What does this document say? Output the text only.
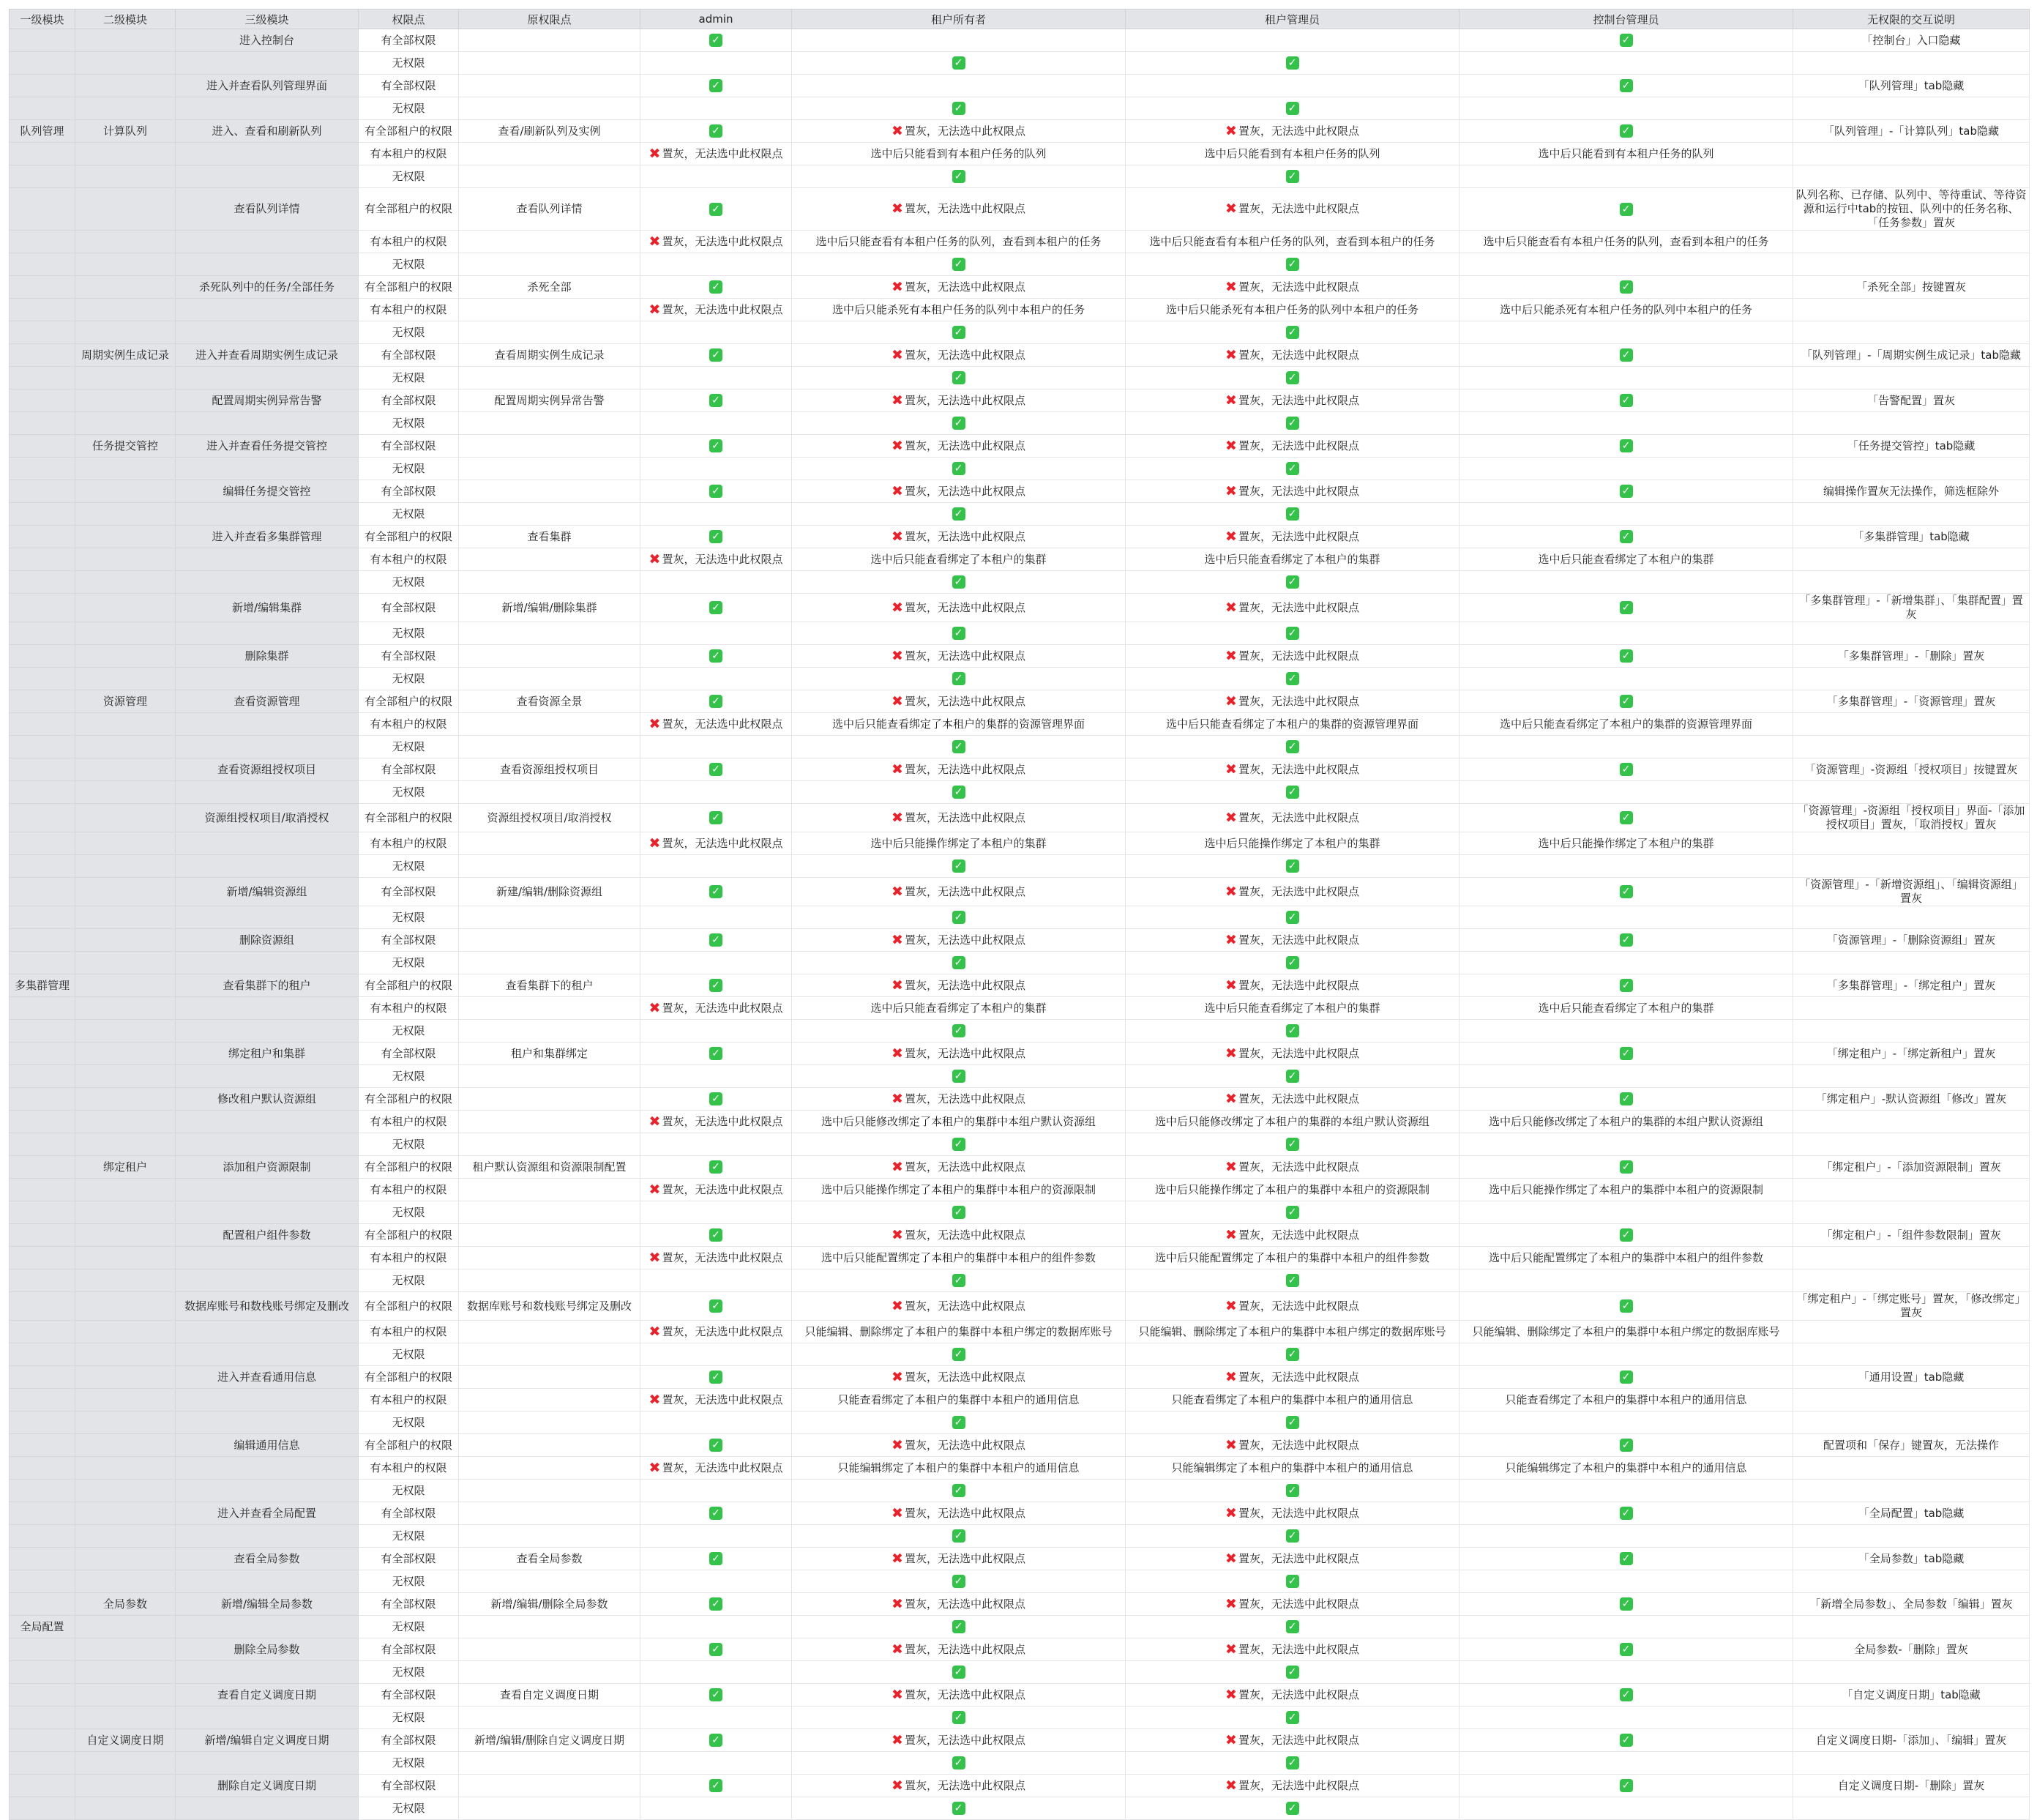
一级模块	二级模块	三级模块	权限点	原权限点	admin	租户所有者	租户管理员	控制台管理员	无权限的交互说明
		进入控制台	有全部权限		✓			✓	「控制台」入口隐藏
			无权限			✓	✓		
		进入并查看队列管理界面	有全部权限		✓			✓	「队列管理」tab隐藏
			无权限			✓	✓		
队列管理	计算队列	进入、查看和刷新队列	有全部租户的权限	查看/刷新队列及实例	✓	✖ 置灰，无法选中此权限点	✖ 置灰，无法选中此权限点	✓	「队列管理」-「计算队列」tab隐藏
			有本租户的权限		✖ 置灰，无法选中此权限点	选中后只能看到有本租户任务的队列	选中后只能看到有本租户任务的队列	选中后只能看到有本租户任务的队列	
			无权限			✓	✓		
		查看队列详情	有全部租户的权限	查看队列详情	✓	✖ 置灰，无法选中此权限点	✖ 置灰，无法选中此权限点	✓	队列名称、已存储、队列中、等待重试、等待资源和运行中tab的按钮、队列中的任务名称、「任务参数」置灰
			有本租户的权限		✖ 置灰，无法选中此权限点	选中后只能查看有本租户任务的队列，查看到本租户的任务	选中后只能查看有本租户任务的队列，查看到本租户的任务	选中后只能查看有本租户任务的队列，查看到本租户的任务	
			无权限			✓	✓		
		杀死队列中的任务/全部任务	有全部租户的权限	杀死全部	✓	✖ 置灰，无法选中此权限点	✖ 置灰，无法选中此权限点	✓	「杀死全部」按键置灰
			有本租户的权限		✖ 置灰，无法选中此权限点	选中后只能杀死有本租户任务的队列中本租户的任务	选中后只能杀死有本租户任务的队列中本租户的任务	选中后只能杀死有本租户任务的队列中本租户的任务	
			无权限			✓	✓		
	周期实例生成记录	进入并查看周期实例生成记录	有全部权限	查看周期实例生成记录	✓	✖ 置灰，无法选中此权限点	✖ 置灰，无法选中此权限点	✓	「队列管理」-「周期实例生成记录」tab隐藏
			无权限			✓	✓		
		配置周期实例异常告警	有全部权限	配置周期实例异常告警	✓	✖ 置灰，无法选中此权限点	✖ 置灰，无法选中此权限点	✓	「告警配置」置灰
			无权限			✓	✓		
	任务提交管控	进入并查看任务提交管控	有全部权限		✓	✖ 置灰，无法选中此权限点	✖ 置灰，无法选中此权限点	✓	「任务提交管控」tab隐藏
			无权限			✓	✓		
		编辑任务提交管控	有全部权限		✓	✖ 置灰，无法选中此权限点	✖ 置灰，无法选中此权限点	✓	编辑操作置灰无法操作，筛选框除外
			无权限			✓	✓		
		进入并查看多集群管理	有全部租户的权限	查看集群	✓	✖ 置灰，无法选中此权限点	✖ 置灰，无法选中此权限点	✓	「多集群管理」tab隐藏
			有本租户的权限		✖ 置灰，无法选中此权限点	选中后只能查看绑定了本租户的集群	选中后只能查看绑定了本租户的集群	选中后只能查看绑定了本租户的集群	
			无权限			✓	✓		
		新增/编辑集群	有全部权限	新增/编辑/删除集群	✓	✖ 置灰，无法选中此权限点	✖ 置灰，无法选中此权限点	✓	「多集群管理」-「新增集群」、「集群配置」置灰
			无权限			✓	✓		
		删除集群	有全部权限		✓	✖ 置灰，无法选中此权限点	✖ 置灰，无法选中此权限点	✓	「多集群管理」-「删除」置灰
			无权限			✓	✓		
	资源管理	查看资源管理	有全部租户的权限	查看资源全景	✓	✖ 置灰，无法选中此权限点	✖ 置灰，无法选中此权限点	✓	「多集群管理」-「资源管理」置灰
			有本租户的权限		✖ 置灰，无法选中此权限点	选中后只能查看绑定了本租户的集群的资源管理界面	选中后只能查看绑定了本租户的集群的资源管理界面	选中后只能查看绑定了本租户的集群的资源管理界面	
			无权限			✓	✓		
		查看资源组授权项目	有全部权限	查看资源组授权项目	✓	✖ 置灰，无法选中此权限点	✖ 置灰，无法选中此权限点	✓	「资源管理」-资源组「授权项目」按键置灰
			无权限			✓	✓		
		资源组授权项目/取消授权	有全部租户的权限	资源组授权项目/取消授权	✓	✖ 置灰，无法选中此权限点	✖ 置灰，无法选中此权限点	✓	「资源管理」-资源组「授权项目」界面-「添加授权项目」置灰，「取消授权」置灰
			有本租户的权限		✖ 置灰，无法选中此权限点	选中后只能操作绑定了本租户的集群	选中后只能操作绑定了本租户的集群	选中后只能操作绑定了本租户的集群	
			无权限			✓	✓		
		新增/编辑资源组	有全部权限	新建/编辑/删除资源组	✓	✖ 置灰，无法选中此权限点	✖ 置灰，无法选中此权限点	✓	「资源管理」-「新增资源组」、「编辑资源组」置灰
			无权限			✓	✓		
		删除资源组	有全部权限		✓	✖ 置灰，无法选中此权限点	✖ 置灰，无法选中此权限点	✓	「资源管理」-「删除资源组」置灰
			无权限			✓	✓		
多集群管理		查看集群下的租户	有全部租户的权限	查看集群下的租户	✓	✖ 置灰，无法选中此权限点	✖ 置灰，无法选中此权限点	✓	「多集群管理」-「绑定租户」置灰
			有本租户的权限		✖ 置灰，无法选中此权限点	选中后只能查看绑定了本租户的集群	选中后只能查看绑定了本租户的集群	选中后只能查看绑定了本租户的集群	
			无权限			✓	✓		
		绑定租户和集群	有全部权限	租户和集群绑定	✓	✖ 置灰，无法选中此权限点	✖ 置灰，无法选中此权限点	✓	「绑定租户」-「绑定新租户」置灰
			无权限			✓	✓		
		修改租户默认资源组	有全部租户的权限		✓	✖ 置灰，无法选中此权限点	✖ 置灰，无法选中此权限点	✓	「绑定租户」-默认资源组「修改」置灰
			有本租户的权限		✖ 置灰，无法选中此权限点	选中后只能修改绑定了本租户的集群中本组户默认资源组	选中后只能修改绑定了本租户的集群的本组户默认资源组	选中后只能修改绑定了本租户的集群的本组户默认资源组	
			无权限			✓	✓		
	绑定租户	添加租户资源限制	有全部租户的权限	租户默认资源组和资源限制配置	✓	✖ 置灰，无法选中此权限点	✖ 置灰，无法选中此权限点	✓	「绑定租户」-「添加资源限制」置灰
			有本租户的权限		✖ 置灰，无法选中此权限点	选中后只能操作绑定了本租户的集群中本租户的资源限制	选中后只能操作绑定了本租户的集群中本租户的资源限制	选中后只能操作绑定了本租户的集群中本租户的资源限制	
			无权限			✓	✓		
		配置租户组件参数	有全部租户的权限		✓	✖ 置灰，无法选中此权限点	✖ 置灰，无法选中此权限点	✓	「绑定租户」-「组件参数限制」置灰
			有本租户的权限		✖ 置灰，无法选中此权限点	选中后只能配置绑定了本租户的集群中本租户的组件参数	选中后只能配置绑定了本租户的集群中本租户的组件参数	选中后只能配置绑定了本租户的集群中本租户的组件参数	
			无权限			✓	✓		
		数据库账号和数栈账号绑定及删改	有全部租户的权限	数据库账号和数栈账号绑定及删改	✓	✖ 置灰，无法选中此权限点	✖ 置灰，无法选中此权限点	✓	「绑定租户」-「绑定账号」置灰，「修改绑定」置灰
			有本租户的权限		✖ 置灰，无法选中此权限点	只能编辑、删除绑定了本租户的集群中本租户绑定的数据库账号	只能编辑、删除绑定了本租户的集群中本租户绑定的数据库账号	只能编辑、删除绑定了本租户的集群中本租户绑定的数据库账号	
			无权限			✓	✓		
		进入并查看通用信息	有全部租户的权限		✓	✖ 置灰，无法选中此权限点	✖ 置灰，无法选中此权限点	✓	「通用设置」tab隐藏
			有本租户的权限		✖ 置灰，无法选中此权限点	只能查看绑定了本租户的集群中本租户的通用信息	只能查看绑定了本租户的集群中本租户的通用信息	只能查看绑定了本租户的集群中本租户的通用信息	
			无权限			✓	✓		
		编辑通用信息	有全部租户的权限		✓	✖ 置灰，无法选中此权限点	✖ 置灰，无法选中此权限点	✓	配置项和「保存」键置灰，无法操作
			有本租户的权限		✖ 置灰，无法选中此权限点	只能编辑绑定了本租户的集群中本租户的通用信息	只能编辑绑定了本租户的集群中本租户的通用信息	只能编辑绑定了本租户的集群中本租户的通用信息	
			无权限			✓	✓		
		进入并查看全局配置	有全部权限		✓	✖ 置灰，无法选中此权限点	✖ 置灰，无法选中此权限点	✓	「全局配置」tab隐藏
			无权限			✓	✓		
		查看全局参数	有全部权限	查看全局参数	✓	✖ 置灰，无法选中此权限点	✖ 置灰，无法选中此权限点	✓	「全局参数」tab隐藏
			无权限			✓	✓		
	全局参数	新增/编辑全局参数	有全部权限	新增/编辑/删除全局参数	✓	✖ 置灰，无法选中此权限点	✖ 置灰，无法选中此权限点	✓	「新增全局参数」、全局参数「编辑」置灰
全局配置			无权限			✓	✓		
		删除全局参数	有全部权限		✓	✖ 置灰，无法选中此权限点	✖ 置灰，无法选中此权限点	✓	全局参数-「删除」置灰
			无权限			✓	✓		
		查看自定义调度日期	有全部权限	查看自定义调度日期	✓	✖ 置灰，无法选中此权限点	✖ 置灰，无法选中此权限点	✓	「自定义调度日期」tab隐藏
			无权限			✓	✓		
	自定义调度日期	新增/编辑自定义调度日期	有全部权限	新增/编辑/删除自定义调度日期	✓	✖ 置灰，无法选中此权限点	✖ 置灰，无法选中此权限点	✓	自定义调度日期-「添加」、「编辑」置灰
			无权限			✓	✓		
		删除自定义调度日期	有全部权限		✓	✖ 置灰，无法选中此权限点	✖ 置灰，无法选中此权限点	✓	自定义调度日期-「删除」置灰
			无权限			✓	✓		
